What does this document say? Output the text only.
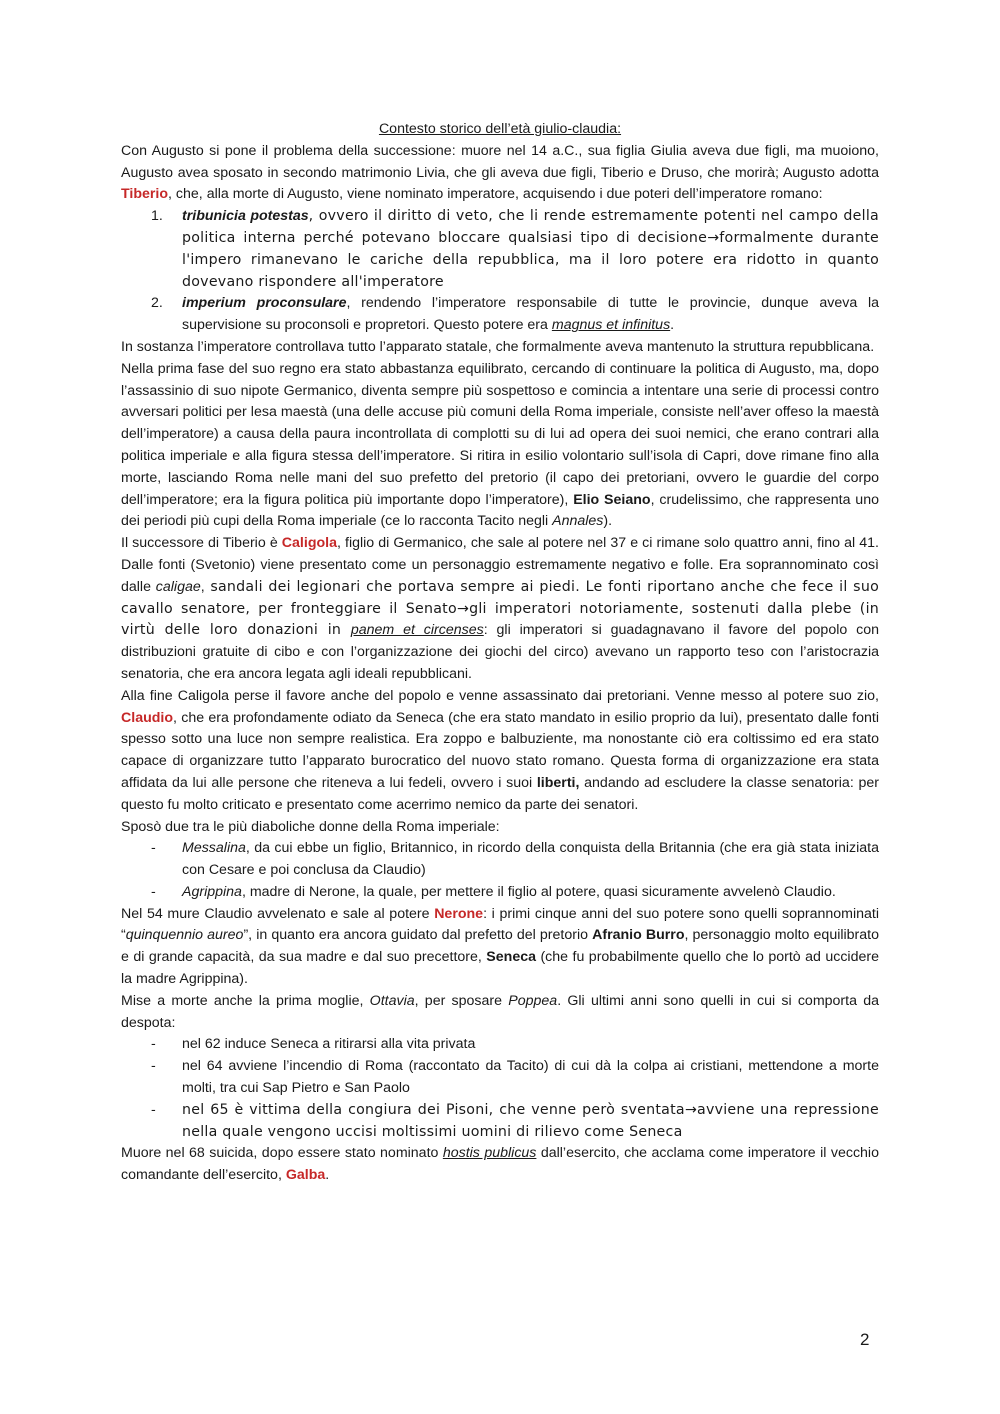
Contesto storico dell’età giulio-claudia:

Con Augusto si pone il problema della successione: muore nel 14 a.C., sua figlia Giulia aveva due figli, ma muoiono, Augusto avea sposato in secondo matrimonio Livia, che gli aveva due figli, Tiberio e Druso, che morirà; Augusto adotta Tiberio, che, alla morte di Augusto, viene nominato imperatore, acquisendo i due poteri dell’imperatore romano:

1. tribunicia potestas, ovvero il diritto di veto, che li rende estremamente potenti nel campo della politica interna perché potevano bloccare qualsiasi tipo di decisione→formalmente durante l'impero rimanevano le cariche della repubblica, ma il loro potere era ridotto in quanto dovevano rispondere all'imperatore
2. imperium proconsulare, rendendo l’imperatore responsabile di tutte le provincie, dunque aveva la supervisione su proconsoli e propretori. Questo potere era magnus et infinitus.

In sostanza l’imperatore controllava tutto l’apparato statale, che formalmente aveva mantenuto la struttura repubblicana.

Nella prima fase del suo regno era stato abbastanza equilibrato, cercando di continuare la politica di Augusto, ma, dopo l’assassinio di suo nipote Germanico, diventa sempre più sospettoso e comincia a intentare una serie di processi contro avversari politici per lesa maestà (una delle accuse più comuni della Roma imperiale, consiste nell’aver offeso la maestà dell’imperatore) a causa della paura incontrollata di complotti su di lui ad opera dei suoi nemici, che erano contrari alla politica imperiale e alla figura stessa dell’imperatore. Si ritira in esilio volontario sull’isola di Capri, dove rimane fino alla morte, lasciando Roma nelle mani del suo prefetto del pretorio (il capo dei pretoriani, ovvero le guardie del corpo dell’imperatore; era la figura politica più importante dopo l’imperatore), Elio Seiano, crudelissimo, che rappresenta uno dei periodi più cupi della Roma imperiale (ce lo racconta Tacito negli Annales).

Il successore di Tiberio è Caligola, figlio di Germanico, che sale al potere nel 37 e ci rimane solo quattro anni, fino al 41. Dalle fonti (Svetonio) viene presentato come un personaggio estremamente negativo e folle. Era soprannominato così dalle caligae, sandali dei legionari che portava sempre ai piedi. Le fonti riportano anche che fece il suo cavallo senatore, per fronteggiare il Senato→gli imperatori notoriamente, sostenuti dalla plebe (in virtù delle loro donazioni in panem et circenses: gli imperatori si guadagnavano il favore del popolo con distribuzioni gratuite di cibo e con l’organizzazione dei giochi del circo) avevano un rapporto teso con l’aristocrazia senatoria, che era ancora legata agli ideali repubblicani.

Alla fine Caligola perse il favore anche del popolo e venne assassinato dai pretoriani. Venne messo al potere suo zio, Claudio, che era profondamente odiato da Seneca (che era stato mandato in esilio proprio da lui), presentato dalle fonti spesso sotto una luce non sempre realistica. Era zoppo e balbuziente, ma nonostante ciò era coltissimo ed era stato capace di organizzare tutto l’apparato burocratico del nuovo stato romano. Questa forma di organizzazione era stata affidata da lui alle persone che riteneva a lui fedeli, ovvero i suoi liberti, andando ad escludere la classe senatoria: per questo fu molto criticato e presentato come acerrimo nemico da parte dei senatori.

Sposò due tra le più diaboliche donne della Roma imperiale:

- Messalina, da cui ebbe un figlio, Britannico, in ricordo della conquista della Britannia (che era già stata iniziata con Cesare e poi conclusa da Claudio)
- Agrippina, madre di Nerone, la quale, per mettere il figlio al potere, quasi sicuramente avvelenò Claudio.

Nel 54 mure Claudio avvelenato e sale al potere Nerone: i primi cinque anni del suo potere sono quelli soprannominati “quinquennio aureo”, in quanto era ancora guidato dal prefetto del pretorio Afranio Burro, personaggio molto equilibrato e di grande capacità, da sua madre e dal suo precettore, Seneca (che fu probabilmente quello che lo portò ad uccidere la madre Agrippina).

Mise a morte anche la prima moglie, Ottavia, per sposare Poppea. Gli ultimi anni sono quelli in cui si comporta da despota:

- nel 62 induce Seneca a ritirarsi alla vita privata
- nel 64 avviene l’incendio di Roma (raccontato da Tacito) di cui dà la colpa ai cristiani, mettendone a morte molti, tra cui Sap Pietro e San Paolo
- nel 65 è vittima della congiura dei Pisoni, che venne però sventata→avviene una repressione nella quale vengono uccisi moltissimi uomini di rilievo come Seneca

Muore nel 68 suicida, dopo essere stato nominato hostis publicus dall’esercito, che acclama come imperatore il vecchio comandante dell’esercito, Galba.

2
